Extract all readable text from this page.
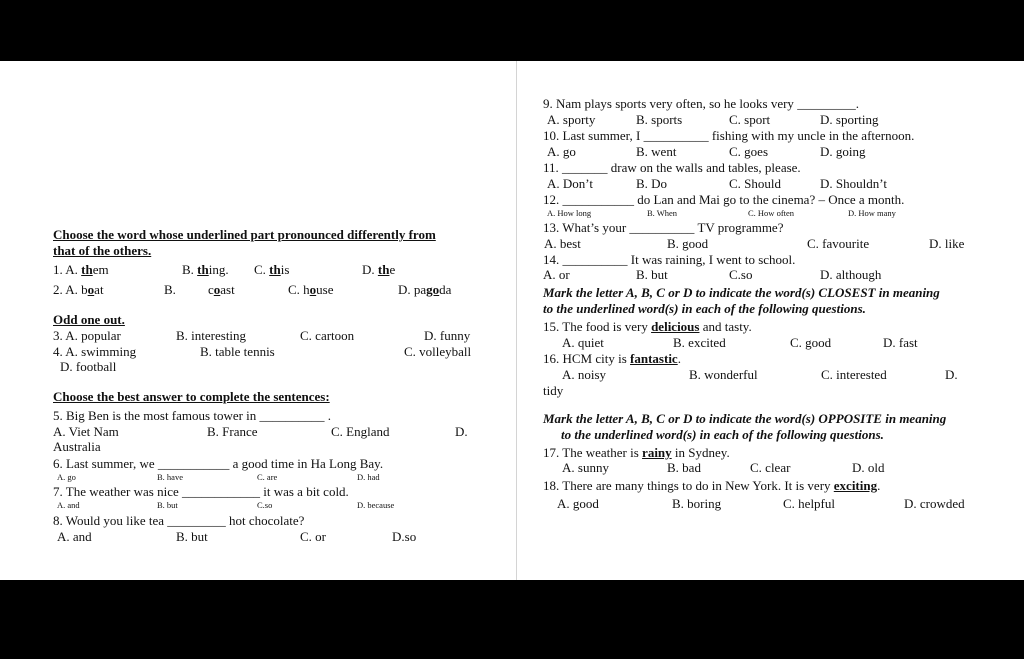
Choose the word whose underlined part pronounced differently from
that of the others.
1. A. them	B. thing. C. this	D. the
2. A. boat	B. coast	C. house	D. pagoda
Odd one out.
3. A. popular	B. interesting	C. cartoon	D. funny
4. A. swimming	B. table tennis	C. volleyball
D. football
Choose the best answer to complete the sentences:
5. Big Ben is the most famous tower in __________ .
A. Viet Nam	B. France	C. England	D.
Australia
6. Last summer, we ___________ a good time in Ha Long Bay.
A. go	B. have	C. are	D. had
7. The weather was nice ____________ it was a bit cold.
A. and	B. but	C.so	D. because
8. Would you like tea _________ hot chocolate?
A. and	B. but	C. or	D.so
9. Nam plays sports very often, so he looks very _________.
A. sporty	B. sports	C. sport	D. sporting
10. Last summer, I __________ fishing with my uncle in the afternoon.
A. go	B. went	C. goes	D. going
11. _______ draw on the walls and tables, please.
A. Don’t	B. Do	C. Should	D. Shouldn’t
12. ___________ do Lan and Mai go to the cinema? – Once a month.
A. How long	B. When	C. How often	D. How many
13. What’s your __________ TV programme?
A. best	B. good	C. favourite	D. like
14. __________ It was raining, I went to school.
A. or	B. but	C.so	D. although
Mark the letter A, B, C or D to indicate the word(s) CLOSEST in meaning
to the underlined word(s) in each of the following questions.
15. The food is very delicious and tasty.
A. quiet	B. excited	C. good	D. fast
16. HCM city is fantastic.
A. noisy	B. wonderful	C. interested	D.
tidy
Mark the letter A, B, C or D to indicate the word(s) OPPOSITE in meaning
to the underlined word(s) in each of the following questions.
17. The weather is rainy in Sydney.
A. sunny	B. bad	C. clear	D. old
18. There are many things to do in New York. It is very exciting.
A. good	B. boring	C. helpful	D. crowded
